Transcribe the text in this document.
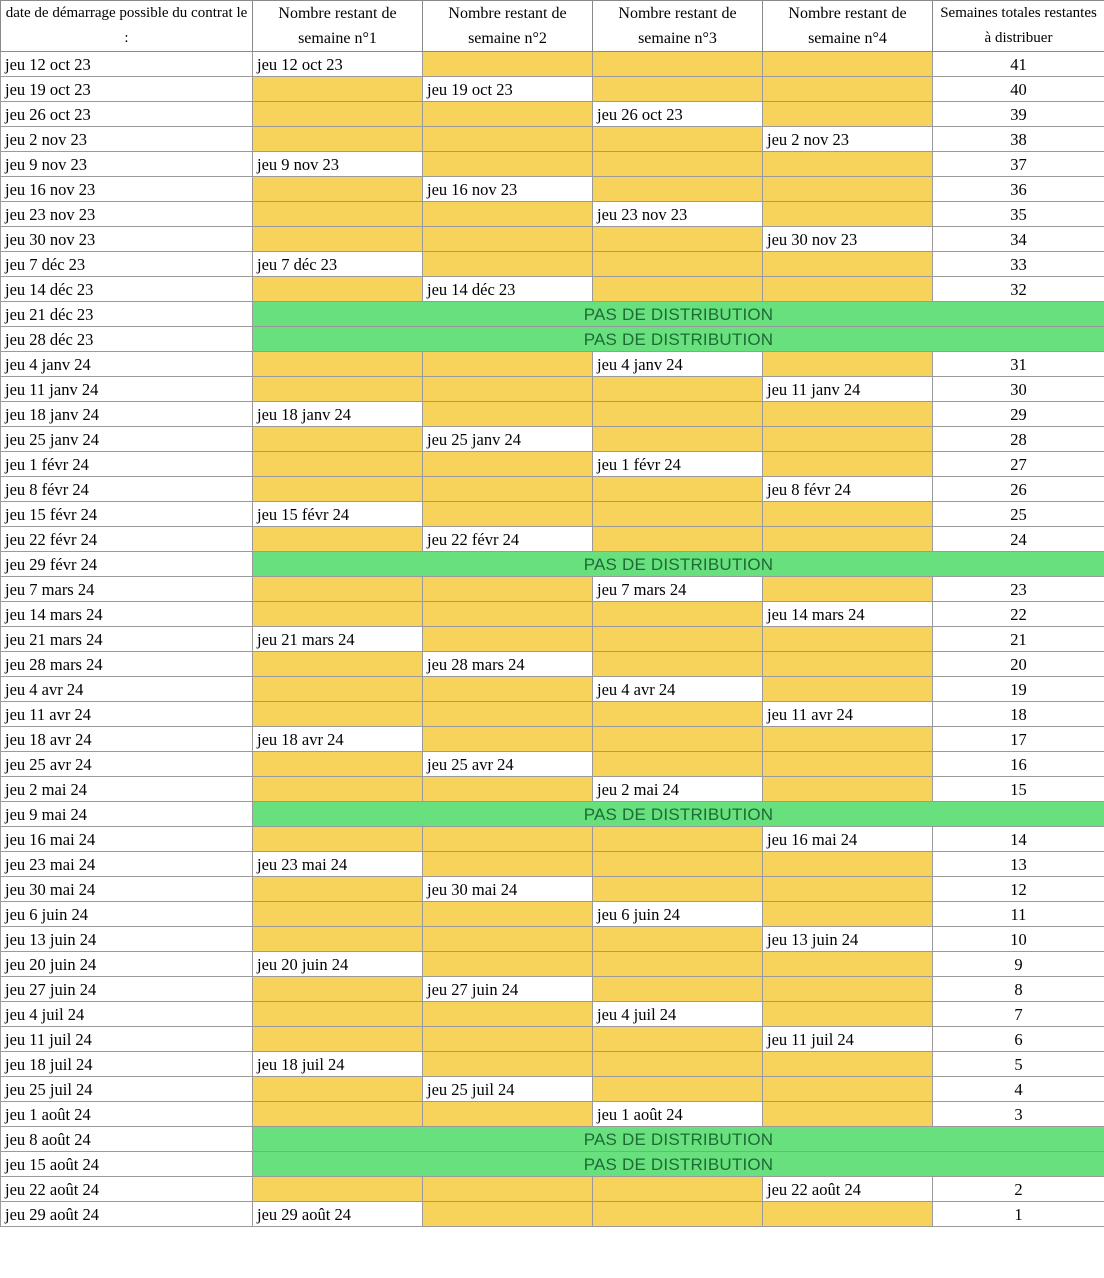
date de démarrage possible du contrat le :	Nombre restant de semaine n°1	Nombre restant de semaine n°2	Nombre restant de semaine n°3	Nombre restant de semaine n°4	Semaines totales restantes à distribuer
jeu 12 oct 23	jeu 12 oct 23				41
jeu 19 oct 23		jeu 19 oct 23			40
jeu 26 oct 23			jeu 26 oct 23		39
jeu 2 nov 23				jeu 2 nov 23	38
jeu 9 nov 23	jeu 9 nov 23				37
jeu 16 nov 23		jeu 16 nov 23			36
jeu 23 nov 23			jeu 23 nov 23		35
jeu 30 nov 23				jeu 30 nov 23	34
jeu 7 déc 23	jeu 7 déc 23				33
jeu 14 déc 23		jeu 14 déc 23			32
jeu 21 déc 23	PAS DE DISTRIBUTION				
jeu 28 déc 23	PAS DE DISTRIBUTION				
jeu 4 janv 24			jeu 4 janv 24		31
jeu 11 janv 24				jeu 11 janv 24	30
jeu 18 janv 24	jeu 18 janv 24				29
jeu 25 janv 24		jeu 25 janv 24			28
jeu 1 févr 24			jeu 1 févr 24		27
jeu 8 févr 24				jeu 8 févr 24	26
jeu 15 févr 24	jeu 15 févr 24				25
jeu 22 févr 24		jeu 22 févr 24			24
jeu 29 févr 24	PAS DE DISTRIBUTION				
jeu 7 mars 24			jeu 7 mars 24		23
jeu 14 mars 24				jeu 14 mars 24	22
jeu 21 mars 24	jeu 21 mars 24				21
jeu 28 mars 24		jeu 28 mars 24			20
jeu 4 avr 24			jeu 4 avr 24		19
jeu 11 avr 24				jeu 11 avr 24	18
jeu 18 avr 24	jeu 18 avr 24				17
jeu 25 avr 24		jeu 25 avr 24			16
jeu 2 mai 24			jeu 2 mai 24		15
jeu 9 mai 24	PAS DE DISTRIBUTION				
jeu 16 mai 24				jeu 16 mai 24	14
jeu 23 mai 24	jeu 23 mai 24				13
jeu 30 mai 24		jeu 30 mai 24			12
jeu 6 juin 24			jeu 6 juin 24		11
jeu 13 juin 24				jeu 13 juin 24	10
jeu 20 juin 24	jeu 20 juin 24				9
jeu 27 juin 24		jeu 27 juin 24			8
jeu 4 juil 24			jeu 4 juil 24		7
jeu 11 juil 24				jeu 11 juil 24	6
jeu 18 juil 24	jeu 18 juil 24				5
jeu 25 juil 24		jeu 25 juil 24			4
jeu 1 août 24			jeu 1 août 24		3
jeu 8 août 24	PAS DE DISTRIBUTION				
jeu 15 août 24	PAS DE DISTRIBUTION				
jeu 22 août 24				jeu 22 août 24	2
jeu 29 août 24	jeu 29 août 24				1
